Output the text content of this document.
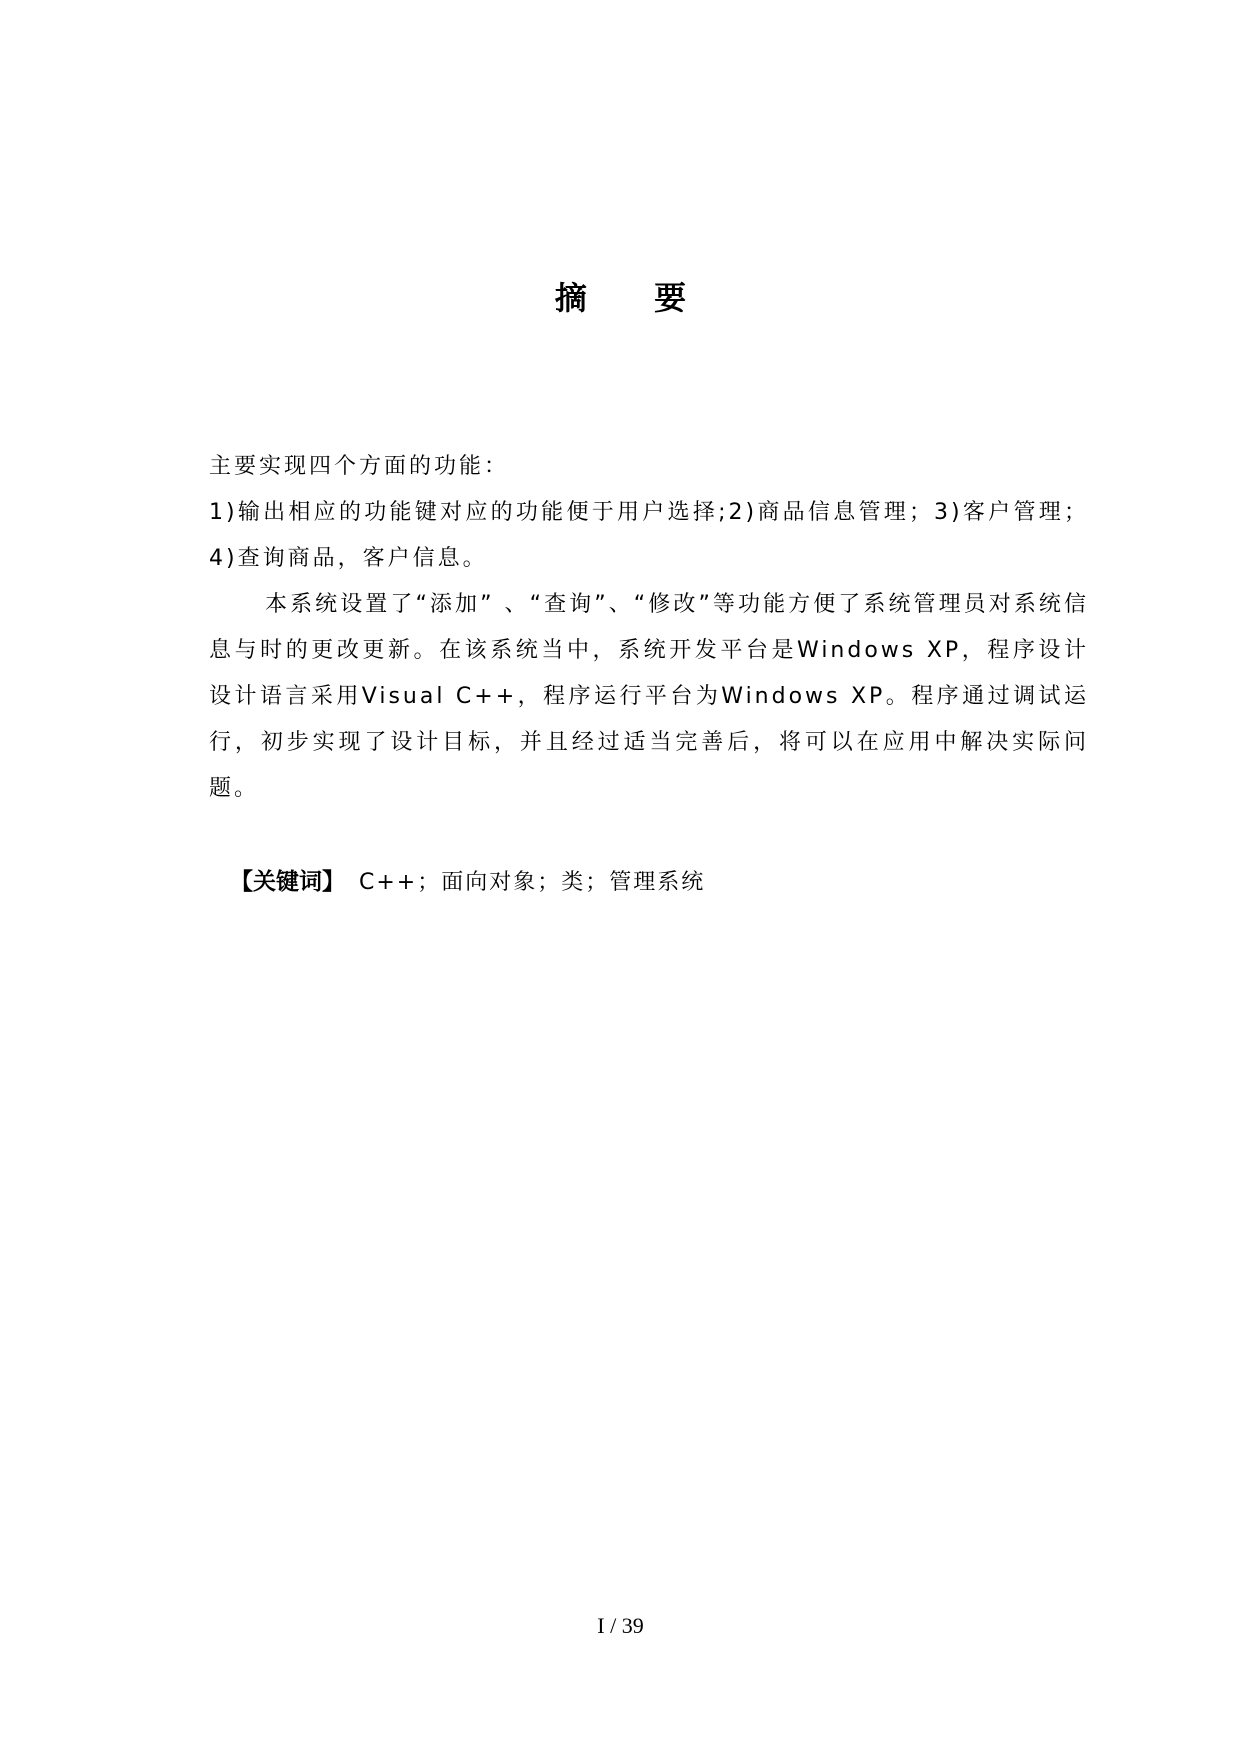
摘 要

主要实现四个方面的功能：

1)输出相应的功能键对应的功能便于用户选择;2)商品信息管理；3)客户管理；4)查询商品，客户信息。

本系统设置了“添加” 、“查询”、“修改”等功能方便了系统管理员对系统信息与时的更改更新。在该系统当中，系统开发平台是Windows XP，程序设计设计语言采用Visual C++，程序运行平台为Windows XP。程序通过调试运行，初步实现了设计目标，并且经过适当完善后，将可以在应用中解决实际问题。

【关键词】 C++；面向对象；类；管理系统
I / 39
